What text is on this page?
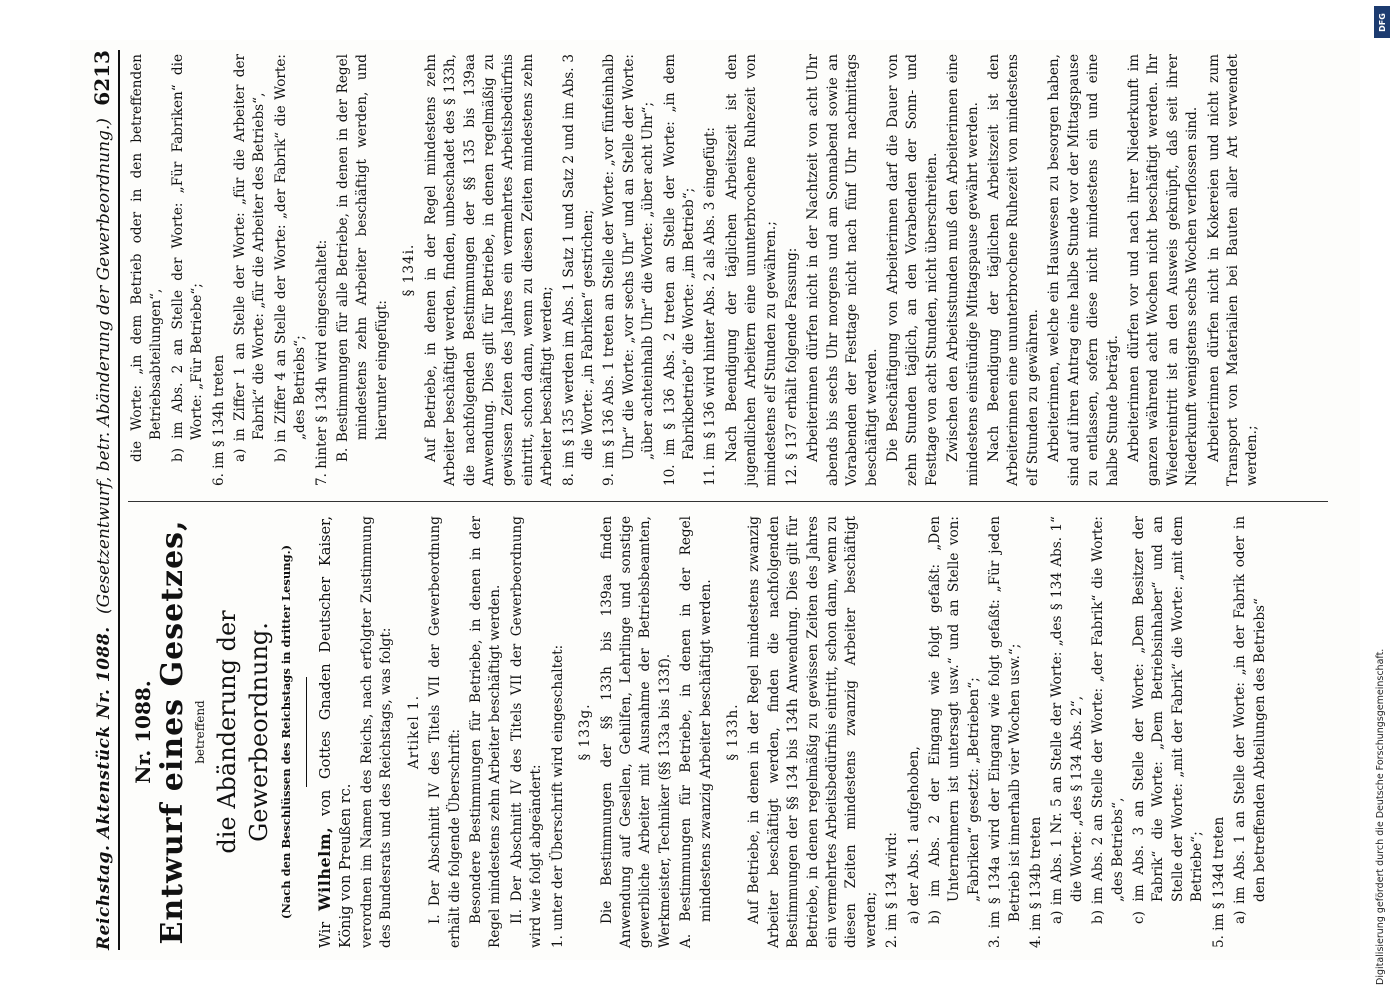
Reichstag. Aktenstück Nr. 1088.
(Gesetzentwurf, betr. Abänderung der Gewerbeordnung.)
6213
Nr. 1088. Entwurf eines Gesetzes, betreffend die Abänderung der Gewerbeordnung. (Nach den Beschlüssen des Reichstags in dritter Lesung.)

Wir Wilhelm, von Gottes Gnaden Deutscher Kaiser, König von Preußen rc. verordnen im Namen des Reichs, nach erfolgter Zustimmung des Bundesrats und des Reichstags, was folgt: Artikel 1. I. Der Abschnitt IV des Titels VII der Gewerbeordnung erhält die folgende Überschrift: Besondere Bestimmungen für Betriebe, in denen in der Regel mindestens zehn Arbeiter beschäftigt werden. II. Der Abschnitt IV des Titels VII der Gewerbeordnung wird wie folgt abgeändert: 1. unter der Überschrift wird eingeschaltet: § 133g. Die Bestimmungen der §§ 133h bis 139aa finden Anwendung auf Gesellen, Gehilfen, Lehrlinge und sonstige gewerbliche Arbeiter mit Ausnahme der Betriebsbeamten, Werkmeister, Techniker (§§ 133a bis 133f). A. Bestimmungen für Betriebe, in denen in der Regel mindestens zwanzig Arbeiter beschäftigt werden. § 133h. Auf Betriebe, in denen in der Regel mindestens zwanzig Arbeiter beschäftigt werden, finden die nachfolgenden Bestimmungen der §§ 134 bis 134h Anwendung. Dies gilt für Betriebe, in denen regelmäßig zu gewissen Zeiten des Jahres ein vermehrtes Arbeitsbedürfnis eintritt, schon dann, wenn zu diesen Zeiten mindestens zwanzig Arbeiter beschäftigt werden; 2. im § 134 wird: a) der Abs. 1 aufgehoben, b) im Abs. 2 der Eingang wie folgt gefaßt: „Den Unternehmern ist untersagt usw.“ und an Stelle von: „Fabriken“ gesetzt: „Betrieben“; 3. im § 134a wird der Eingang wie folgt gefaßt: „Für jeden Betrieb ist innerhalb vier Wochen usw.“; 4. im § 134b treten a) im Abs. 1 Nr. 5 an Stelle der Worte: „des § 134 Abs. 1“ die Worte: „des § 134 Abs. 2“, b) im Abs. 2 an Stelle der Worte: „der Fabrik“ die Worte: „des Betriebs“, c) im Abs. 3 an Stelle der Worte: „Dem Besitzer der Fabrik“ die Worte: „Dem Betriebsinhaber“ und an Stelle der Worte: „mit der Fabrik“ die Worte: „mit dem Betriebe“; 5. im § 134d treten a) im Abs. 1 an Stelle der Worte: „in der Fabrik oder in den betreffenden Abteilungen des Betriebs“

die Worte: „in dem Betrieb oder in den betreffenden Betriebsabteilungen“, b) im Abs. 2 an Stelle der Worte: „Für Fabriken“ die Worte: „Für Betriebe“; 6. im § 134h treten a) in Ziffer 1 an Stelle der Worte: „für die Arbeiter der Fabrik“ die Worte: „für die Arbeiter des Betriebs“, b) in Ziffer 4 an Stelle der Worte: „der Fabrik“ die Worte: „des Betriebs“; 7. hinter § 134h wird eingeschaltet: B. Bestimmungen für alle Betriebe, in denen in der Regel mindestens zehn Arbeiter beschäftigt werden, und hierunter eingefügt:

§ 134i. Auf Betriebe, in denen in der Regel mindestens zehn Arbeiter beschäftigt werden, finden, unbeschadet des § 133h, die nachfolgenden Bestimmungen der §§ 135 bis 139aa Anwendung. Dies gilt für Betriebe, in denen regelmäßig zu gewissen Zeiten des Jahres ein vermehrtes Arbeitsbedürfnis eintritt, schon dann, wenn zu diesen Zeiten mindestens zehn Arbeiter beschäftigt werden; 8. im § 135 werden im Abs. 1 Satz 1 und Satz 2 und im Abs. 3 die Worte: „in Fabriken“ gestrichen; 9. im § 136 Abs. 1 treten an Stelle der Worte: „vor fünfeinhalb Uhr“ die Worte: „vor sechs Uhr“ und an Stelle der Worte: „über achteinhalb Uhr“ die Worte: „über acht Uhr“; 10. im § 136 Abs. 2 treten an Stelle der Worte: „in dem Fabrikbetrieb“ die Worte: „im Betrieb“; 11. im § 136 wird hinter Abs. 2 als Abs. 3 eingefügt: Nach Beendigung der täglichen Arbeitszeit ist den jugendlichen Arbeitern eine ununterbrochene Ruhezeit von mindestens elf Stunden zu gewähren.; 12. § 137 erhält folgende Fassung: Arbeiterinnen dürfen nicht in der Nachtzeit von acht Uhr abends bis sechs Uhr morgens und am Sonnabend sowie an Vorabenden der Festtage nicht nach fünf Uhr nachmittags beschäftigt werden. Die Beschäftigung von Arbeiterinnen darf die Dauer von zehn Stunden täglich, an den Vorabenden der Sonn- und Festtage von acht Stunden, nicht überschreiten. Zwischen den Arbeitsstunden muß den Arbeiterinnen eine mindestens einstündige Mittagspause gewährt werden. Nach Beendigung der täglichen Arbeitszeit ist den Arbeiterinnen eine ununterbrochene Ruhezeit von mindestens elf Stunden zu gewähren. Arbeiterinnen, welche ein Hauswesen zu besorgen haben, sind auf ihren Antrag eine halbe Stunde vor der Mittagspause zu entlassen, sofern diese nicht mindestens ein und eine halbe Stunde beträgt. Arbeiterinnen dürfen vor und nach ihrer Niederkunft im ganzen während acht Wochen nicht beschäftigt werden. Ihr Wiedereintritt ist an den Ausweis geknüpft, daß seit ihrer Niederkunft wenigstens sechs Wochen verflossen sind. Arbeiterinnen dürfen nicht in Kokereien und nicht zum Transport von Materialien bei Bauten aller Art verwendet werden.;

DFG
Digitalisierung gefördert durch die Deutsche Forschungsgemeinschaft.
